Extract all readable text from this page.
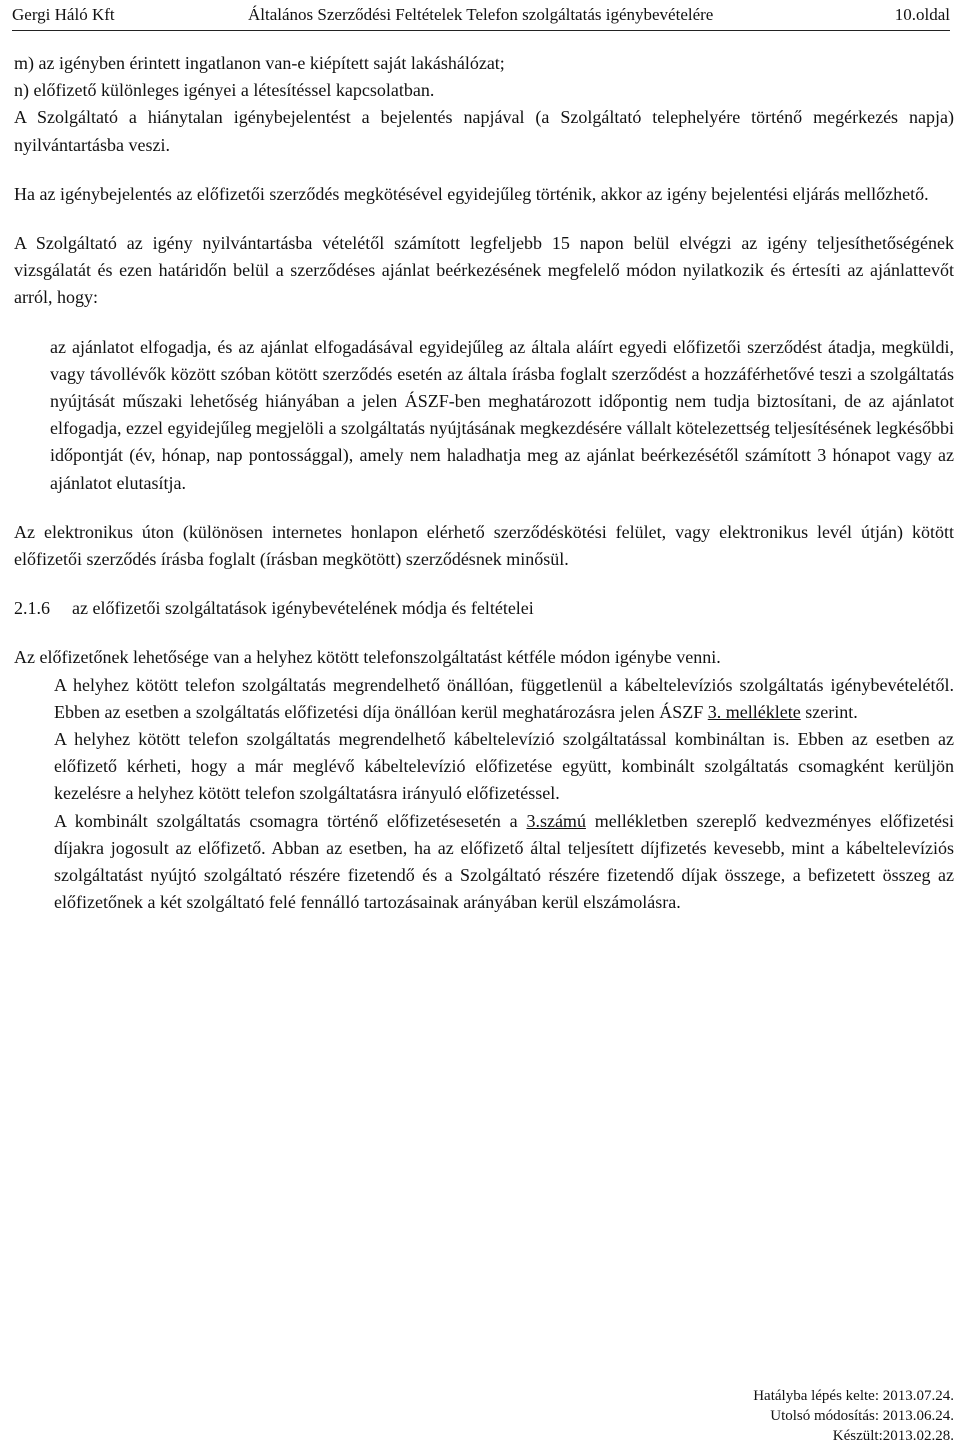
Gergi Háló Kft	Általános Szerződési Feltételek Telefon szolgáltatás igénybevételére	10.oldal

m) az igényben érintett ingatlanon van-e kiépített saját lakáshálózat;

n) előfizető különleges igényei a létesítéssel kapcsolatban.

A Szolgáltató a hiánytalan igénybejelentést a bejelentés napjával (a Szolgáltató telephelyére történő megérkezés napja) nyilvántartásba veszi.

Ha az igénybejelentés az előfizetői szerződés megkötésével egyidejűleg történik, akkor az igény bejelentési eljárás mellőzhető.

A Szolgáltató az igény nyilvántartásba vételétől számított legfeljebb 15 napon belül elvégzi az igény teljesíthetőségének vizsgálatát és ezen határidőn belül a szerződéses ajánlat beérkezésének megfelelő módon nyilatkozik és értesíti az ajánlattevőt arról, hogy:

az ajánlatot elfogadja, és az ajánlat elfogadásával egyidejűleg az általa aláírt egyedi előfizetői szerződést átadja, megküldi, vagy távollévők között szóban kötött szerződés esetén az általa írásba foglalt szerződést a hozzáférhetővé teszi a szolgáltatás nyújtását műszaki lehetőség hiányában a jelen ÁSZF-ben meghatározott időpontig nem tudja biztosítani, de az ajánlatot elfogadja, ezzel egyidejűleg megjelöli a szolgáltatás nyújtásának megkezdésére vállalt kötelezettség teljesítésének legkésőbbi időpontját (év, hónap, nap pontossággal), amely nem haladhatja meg az ajánlat beérkezésétől számított 3 hónapot vagy az ajánlatot elutasítja.

Az elektronikus úton (különösen internetes honlapon elérhető szerződéskötési felület, vagy elektronikus levél útján) kötött előfizetői szerződés írásba foglalt (írásban megkötött) szerződésnek minősül.

2.1.6 az előfizetői szolgáltatások igénybevételének módja és feltételei

Az előfizetőnek lehetősége van a helyhez kötött telefonszolgáltatást kétféle módon igénybe venni.

A helyhez kötött telefon szolgáltatás megrendelhető önállóan, függetlenül a kábeltelevíziós szolgáltatás igénybevételétől. Ebben az esetben a szolgáltatás előfizetési díja önállóan kerül meghatározásra jelen ÁSZF 3. melléklete szerint.

A helyhez kötött telefon szolgáltatás megrendelhető kábeltelevízió szolgáltatással kombináltan is. Ebben az esetben az előfizető kérheti, hogy a már meglévő kábeltelevízió előfizetése együtt, kombinált szolgáltatás csomagként kerüljön kezelésre a helyhez kötött telefon szolgáltatásra irányuló előfizetéssel.

A kombinált szolgáltatás csomagra történő előfizetésesetén a 3.számú mellékletben szereplő kedvezményes előfizetési díjakra jogosult az előfizető. Abban az esetben, ha az előfizető által teljesített díjfizetés kevesebb, mint a kábeltelevíziós szolgáltatást nyújtó szolgáltató részére fizetendő és a Szolgáltató részére fizetendő díjak összege, a befizetett összeg az előfizetőnek a két szolgáltató felé fennálló tartozásainak arányában kerül elszámolásra.

Hatályba lépés kelte: 2013.07.24.
Utolsó módosítás: 2013.06.24.
Készült:2013.02.28.
